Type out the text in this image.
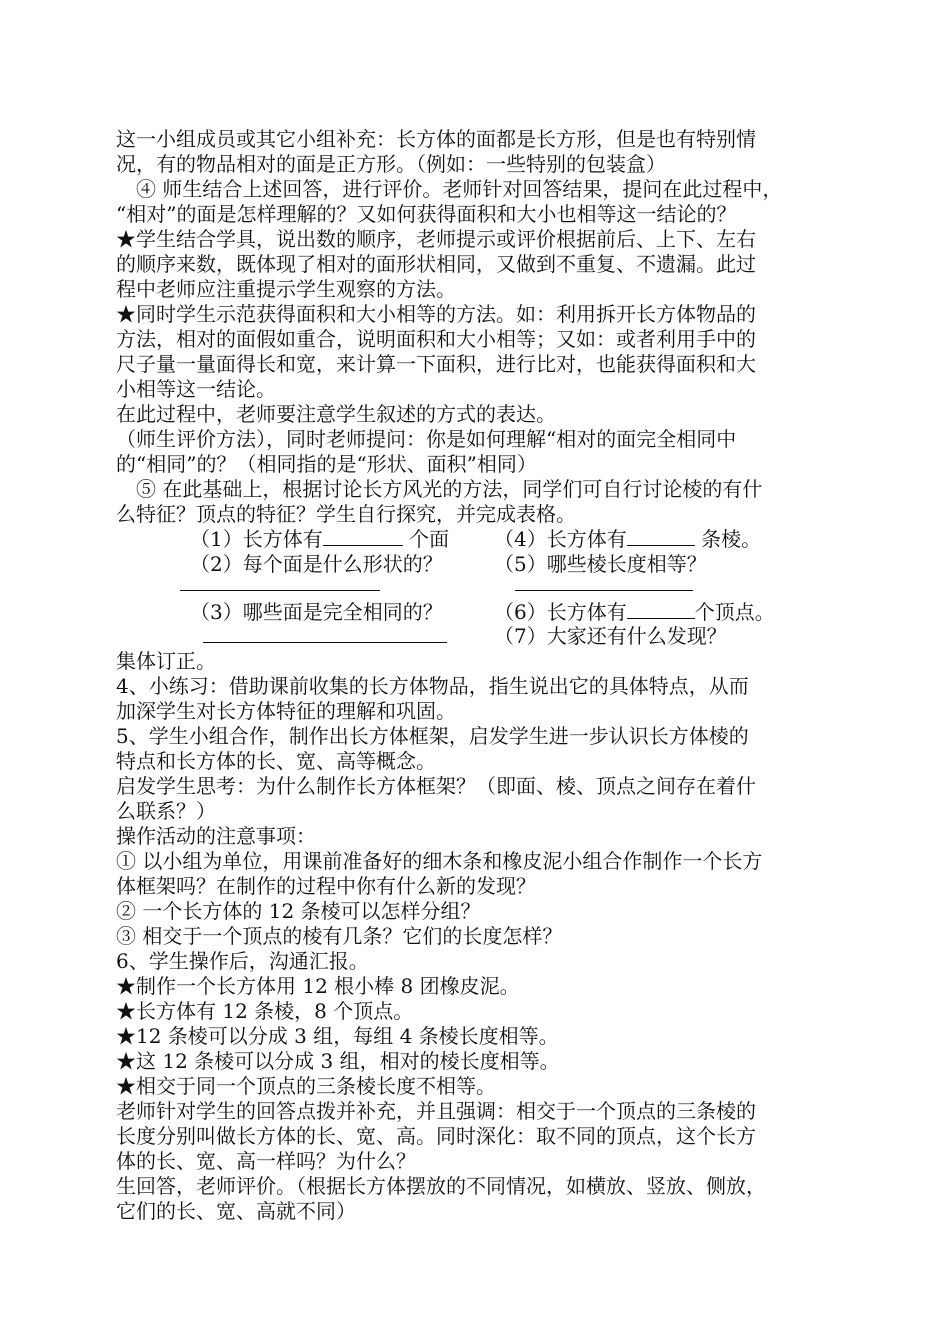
这一小组成员或其它小组补充：长方体的面都是长方形，但是也有特别情
况，有的物品相对的面是正方形。（例如：一些特别的包装盒）
　④ 师生结合上述回答，进行评价。老师针对回答结果，提问在此过程中，
“相对”的面是怎样理解的？又如何获得面积和大小也相等这一结论的？
★学生结合学具，说出数的顺序，老师提示或评价根据前后、上下、左右
的顺序来数，既体现了相对的面形状相同，又做到不重复、不遗漏。此过
程中老师应注重提示学生观察的方法。
★同时学生示范获得面积和大小相等的方法。如：利用拆开长方体物品的
方法，相对的面假如重合，说明面积和大小相等；又如：或者利用手中的
尺子量一量面得长和宽，来计算一下面积，进行比对，也能获得面积和大
小相等这一结论。
在此过程中，老师要注意学生叙述的方式的表达。
（师生评价方法），同时老师提问：你是如何理解“相对的面完全相同中
的“相同”的？（相同指的是“形状、面积”相同）
　⑤ 在此基础上，根据讨论长方风光的方法，同学们可自行讨论棱的有什
么特征？顶点的特征？学生自行探究，并完成表格。
（1）长方体有	个面 （4）长方体有	条棱。
（2）每个面是什么形状的？	（5）哪些棱长度相等？
（3）哪些面是完全相同的？	（6）长方体有	个顶点。
（7）大家还有什么发现？
集体订正。
4、小练习：借助课前收集的长方体物品，指生说出它的具体特点，从而
加深学生对长方体特征的理解和巩固。
5、学生小组合作，制作出长方体框架，启发学生进一步认识长方体棱的
特点和长方体的长、宽、高等概念。
启发学生思考：为什么制作长方体框架？（即面、棱、顶点之间存在着什
么联系？）
操作活动的注意事项：
① 以小组为单位，用课前准备好的细木条和橡皮泥小组合作制作一个长方
体框架吗？在制作的过程中你有什么新的发现？
② 一个长方体的 12 条棱可以怎样分组？
③ 相交于一个顶点的棱有几条？它们的长度怎样？
6、学生操作后，沟通汇报。
★制作一个长方体用 12 根小棒 8 团橡皮泥。
★长方体有 12 条棱，8 个顶点。
★12 条棱可以分成 3 组，每组 4 条棱长度相等。
★这 12 条棱可以分成 3 组，相对的棱长度相等。
★相交于同一个顶点的三条棱长度不相等。
老师针对学生的回答点拨并补充，并且强调：相交于一个顶点的三条棱的
长度分别叫做长方体的长、宽、高。同时深化：取不同的顶点，这个长方
体的长、宽、高一样吗？为什么？
生回答，老师评价。（根据长方体摆放的不同情况，如横放、竖放、侧放，
它们的长、宽、高就不同）
